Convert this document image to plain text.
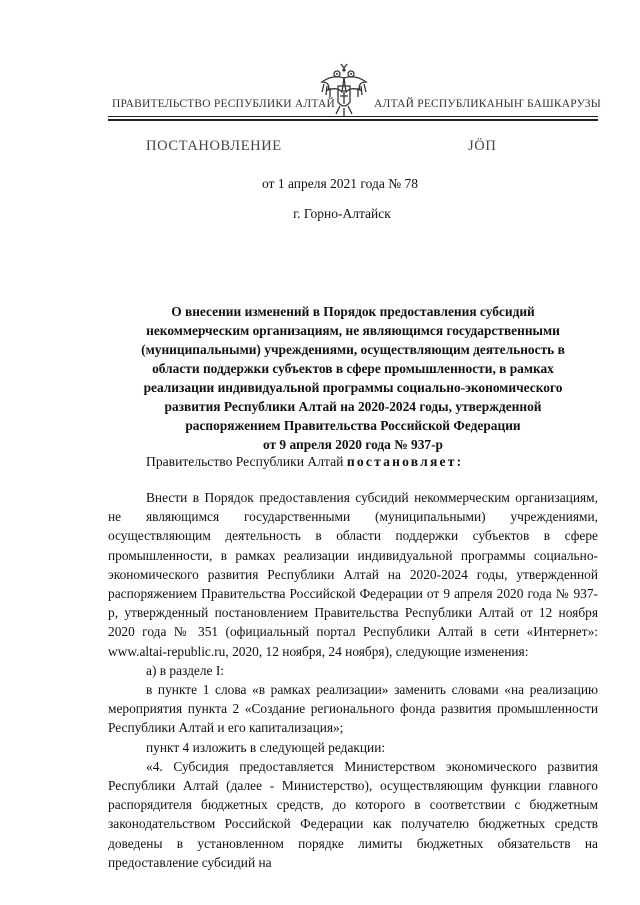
ПРАВИТЕЛЬСТВО РЕСПУБЛИКИ АЛТАЙ	АЛТАЙ РЕСПУБЛИКАНЫҤ БАШКАРУЗЫ
ПОСТАНОВЛЕНИЕ	JÖП
от 1 апреля 2021 года № 78
г. Горно-Алтайск
О внесении изменений в Порядок предоставления субсидий
некоммерческим организациям, не являющимся государственными
(муниципальными) учреждениями, осуществляющим деятельность в
области поддержки субъектов в сфере промышленности, в рамках
реализации индивидуальной программы социально-экономического
развития Республики Алтай на 2020-2024 годы, утвержденной
распоряжением Правительства Российской Федерации
от 9 апреля 2020 года № 937-р
Правительство Республики Алтай постановляет:

Внести в Порядок предоставления субсидий некоммерческим организациям, не являющимся государственными (муниципальными) учреждениями, осуществляющим деятельность в области поддержки субъектов в сфере промышленности, в рамках реализации индивидуальной программы социально-экономического развития Республики Алтай на 2020-2024 годы, утвержденной распоряжением Правительства Российской Федерации от 9 апреля 2020 года № 937-р, утвержденный постановлением Правительства Республики Алтай от 12 ноября 2020 года № 351 (официальный портал Республики Алтай в сети «Интернет»: www.altai-republic.ru, 2020, 12 ноября, 24 ноября), следующие изменения:

а) в разделе I:

в пункте 1 слова «в рамках реализации» заменить словами «на реализацию мероприятия пункта 2 «Создание регионального фонда развития промышленности Республики Алтай и его капитализация»;

пункт 4 изложить в следующей редакции:

«4. Субсидия предоставляется Министерством экономического развития Республики Алтай (далее - Министерство), осуществляющим функции главного распорядителя бюджетных средств, до которого в соответствии с бюджетным законодательством Российской Федерации как получателю бюджетных средств доведены в установленном порядке лимиты бюджетных обязательств на предоставление субсидий на
